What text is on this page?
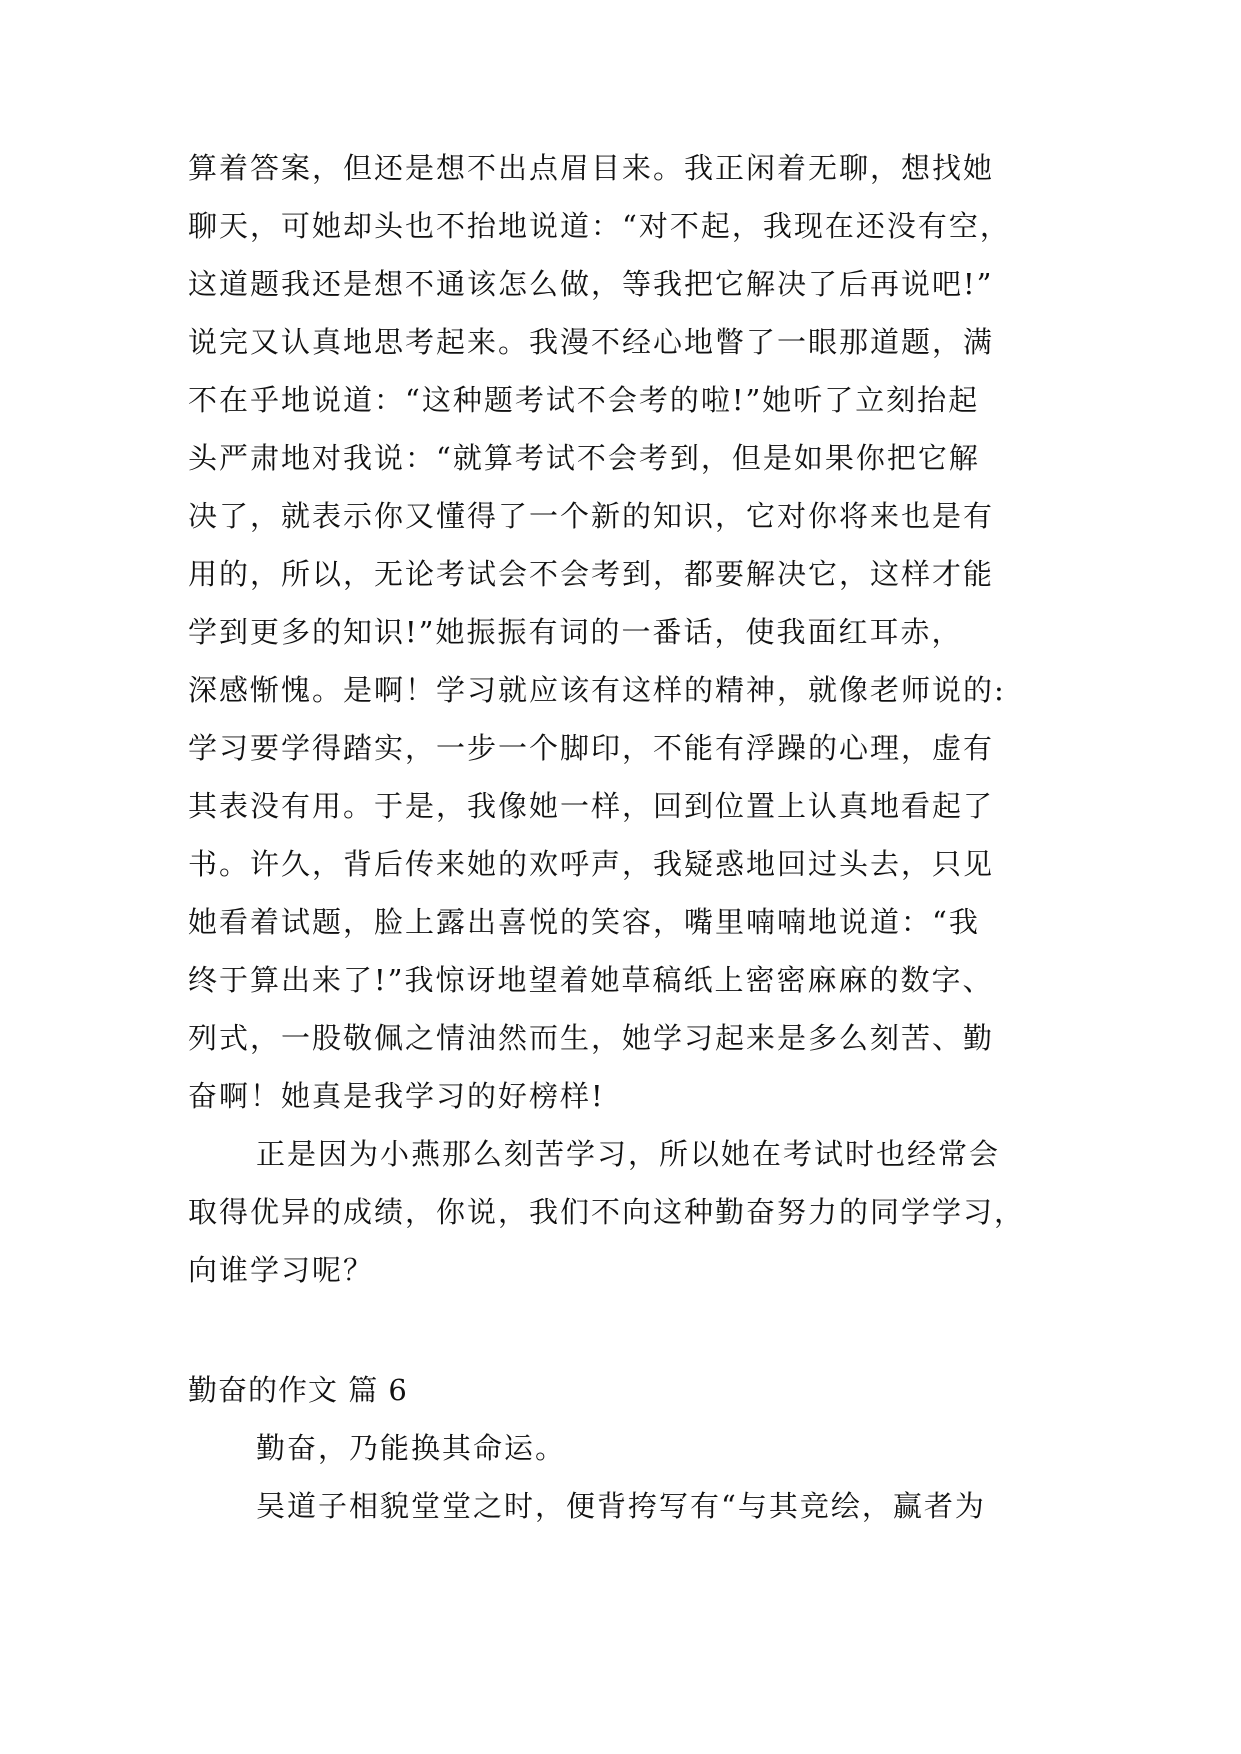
算着答案，但还是想不出点眉目来。我正闲着无聊，想找她
聊天，可她却头也不抬地说道：“对不起，我现在还没有空，
这道题我还是想不通该怎么做，等我把它解决了后再说吧!”
说完又认真地思考起来。我漫不经心地瞥了一眼那道题，满
不在乎地说道：“这种题考试不会考的啦!”她听了立刻抬起
头严肃地对我说：“就算考试不会考到，但是如果你把它解
决了，就表示你又懂得了一个新的知识，它对你将来也是有
用的，所以，无论考试会不会考到，都要解决它，这样才能
学到更多的知识!”她振振有词的一番话，使我面红耳赤，
深感惭愧。是啊！学习就应该有这样的精神，就像老师说的:
学习要学得踏实，一步一个脚印，不能有浮躁的心理，虚有
其表没有用。于是，我像她一样，回到位置上认真地看起了
书。许久，背后传来她的欢呼声，我疑惑地回过头去，只见
她看着试题，脸上露出喜悦的笑容，嘴里喃喃地说道：“我
终于算出来了!”我惊讶地望着她草稿纸上密密麻麻的数字、
列式，一股敬佩之情油然而生，她学习起来是多么刻苦、勤
奋啊！她真是我学习的好榜样!
正是因为小燕那么刻苦学习，所以她在考试时也经常会
取得优异的成绩，你说，我们不向这种勤奋努力的同学学习，
向谁学习呢？
勤奋的作文 篇 6
勤奋，乃能换其命运。
吴道子相貌堂堂之时，便背挎写有“与其竞绘，赢者为
